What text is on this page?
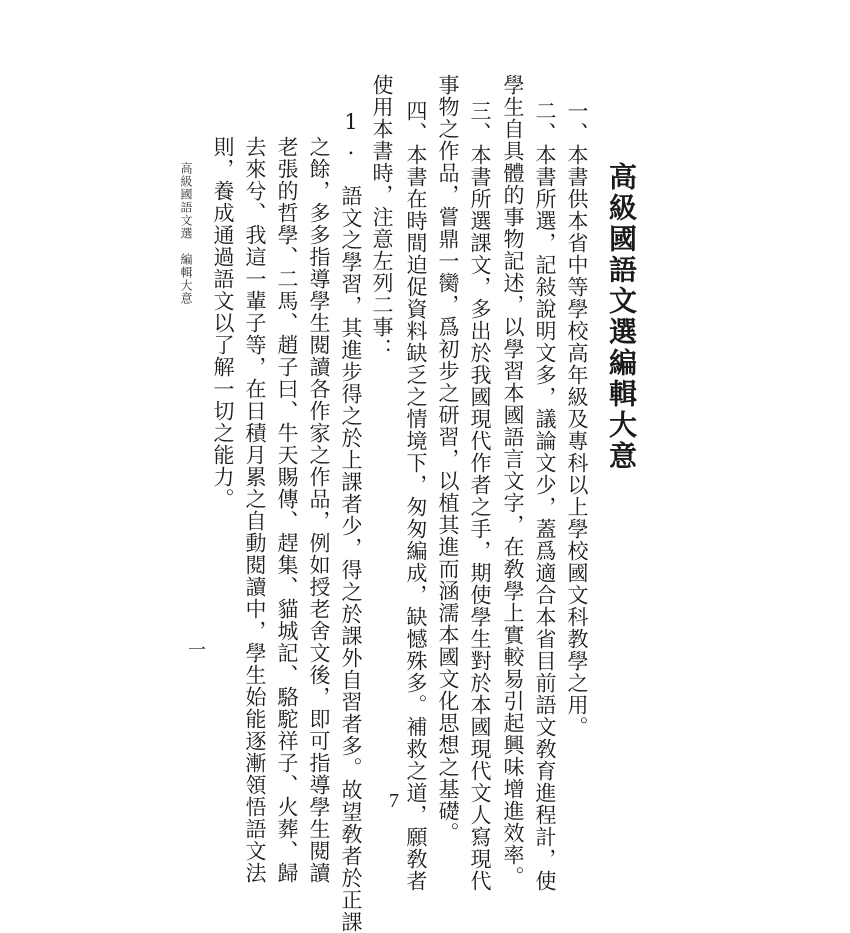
高級國語文選編輯大意
一、本書供本省中等學校高年級及專科以上學校國文科教學之用。
二、本書所選，記敍說明文多，議論文少，蓋爲適合本省目前語文敎育進程計，使
學生自具體的事物記述，以學習本國語言文字，在敎學上實較易引起興味增進效率。
三、本書所選課文，多出於我國現代作者之手，期使學生對於本國現代文人寫現代
事物之作品，嘗鼎一臠，爲初步之研習，以植其進而涵濡本國文化思想之基礎。
四、本書在時間迫促資料缺乏之情境下，匆匆編成，缺憾殊多。補救之道，願敎者
使用本書時，注意左列二事：
1. 語文之學習，其進步得之於上課者少，得之於課外自習者多。故望敎者於正課
之餘，多多指導學生閱讀各作家之作品，例如授老舍文後，即可指導學生閱讀
老張的哲學、二馬、趙子曰、牛天賜傳、趕集、貓城記、駱駝祥子、火葬、歸
去來兮、我這一輩子等，在日積月累之自動閱讀中，學生始能逐漸領悟語文法
則，養成通過語文以了解一切之能力。
高級國語文選　編輯大意
一
7
